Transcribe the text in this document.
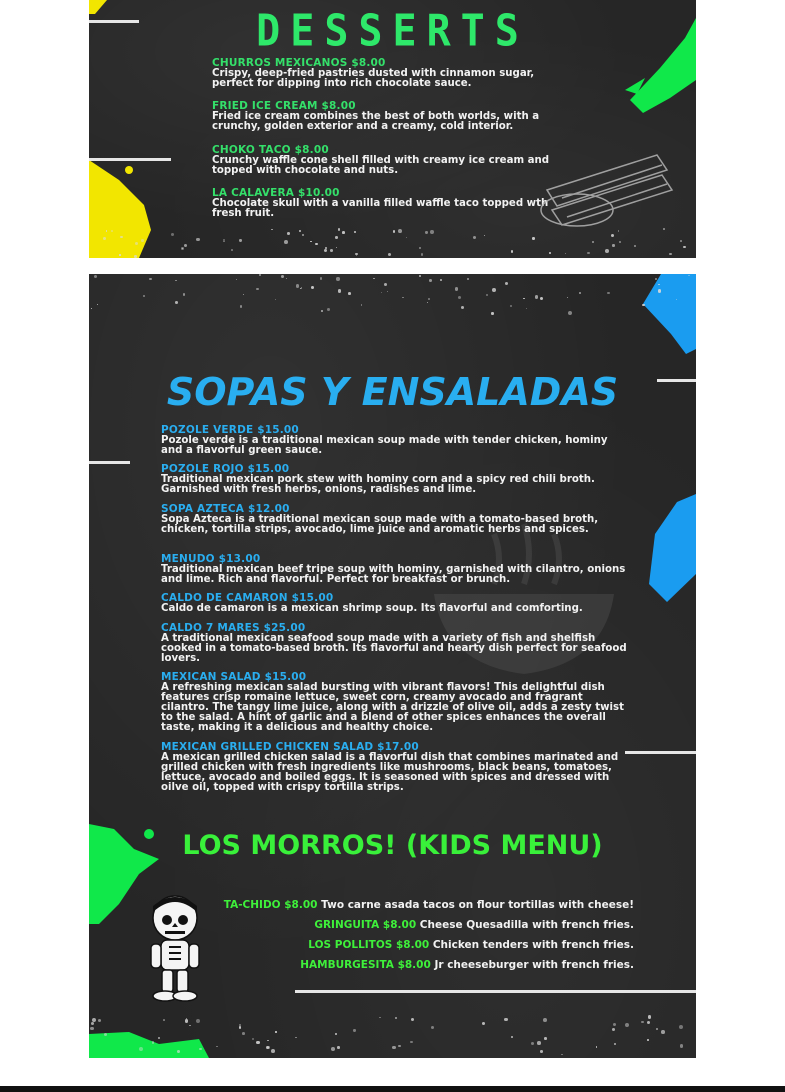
DESSERTS
CHURROS MEXICANOS $8.00
Crispy, deep-fried pastries dusted with cinnamon sugar, perfect for dipping into rich chocolate sauce.
FRIED ICE CREAM $8.00
Fried ice cream combines the best of both worlds, with a crunchy, golden exterior and a creamy, cold interior.
CHOKO TACO $8.00
Crunchy waffle cone shell filled with creamy ice cream and topped with chocolate and nuts.
LA CALAVERA $10.00
Chocolate skull with a vanilla filled waffle taco topped wth fresh fruit.
SOPAS Y ENSALADAS
POZOLE VERDE $15.00
Pozole verde is a traditional mexican soup made with tender chicken, hominy and a flavorful green sauce.
POZOLE ROJO $15.00
Traditional mexican pork stew with hominy corn and a spicy red chili broth. Garnished with fresh herbs, onions, radishes and lime.
SOPA AZTECA $12.00
Sopa Azteca is a traditional mexican soup made with a tomato-based broth, chicken, tortilla strips, avocado, lime juice and aromatic herbs and spices.
MENUDO $13.00
Traditional mexican beef tripe soup with hominy, garnished with cilantro, onions and lime. Rich and flavorful. Perfect for breakfast or brunch.
CALDO DE CAMARON $15.00
Caldo de camaron is a mexican shrimp soup. Its flavorful and comforting.
CALDO 7 MARES $25.00
A traditional mexican seafood soup made with a variety of fish and shelfish cooked in a tomato-based broth. Its flavorful and hearty dish perfect for seafood lovers.
MEXICAN SALAD $15.00
A refreshing mexican salad bursting with vibrant flavors! This delightful dish features crisp romaine lettuce, sweet corn, creamy avocado and fragrant cilantro. The tangy lime juice, along with a drizzle of olive oil, adds a zesty twist to the salad. A hint of garlic and a blend of other spices enhances the overall taste, making it a delicious and healthy choice.
MEXICAN GRILLED CHICKEN SALAD $17.00
A mexican grilled chicken salad is a flavorful dish that combines marinated and grilled chicken with fresh ingredients like mushrooms, black beans, tomatoes, lettuce, avocado and boiled eggs. It is seasoned with spices and dressed with oilve oil, topped with crispy tortilla strips.
LOS MORROS! (KIDS MENU)
TA-CHIDO $8.00 Two carne asada tacos on flour tortillas with cheese!
GRINGUITA $8.00 Cheese Quesadilla with french fries.
LOS POLLITOS $8.00 Chicken tenders with french fries.
HAMBURGESITA $8.00 Jr cheeseburger with french fries.
